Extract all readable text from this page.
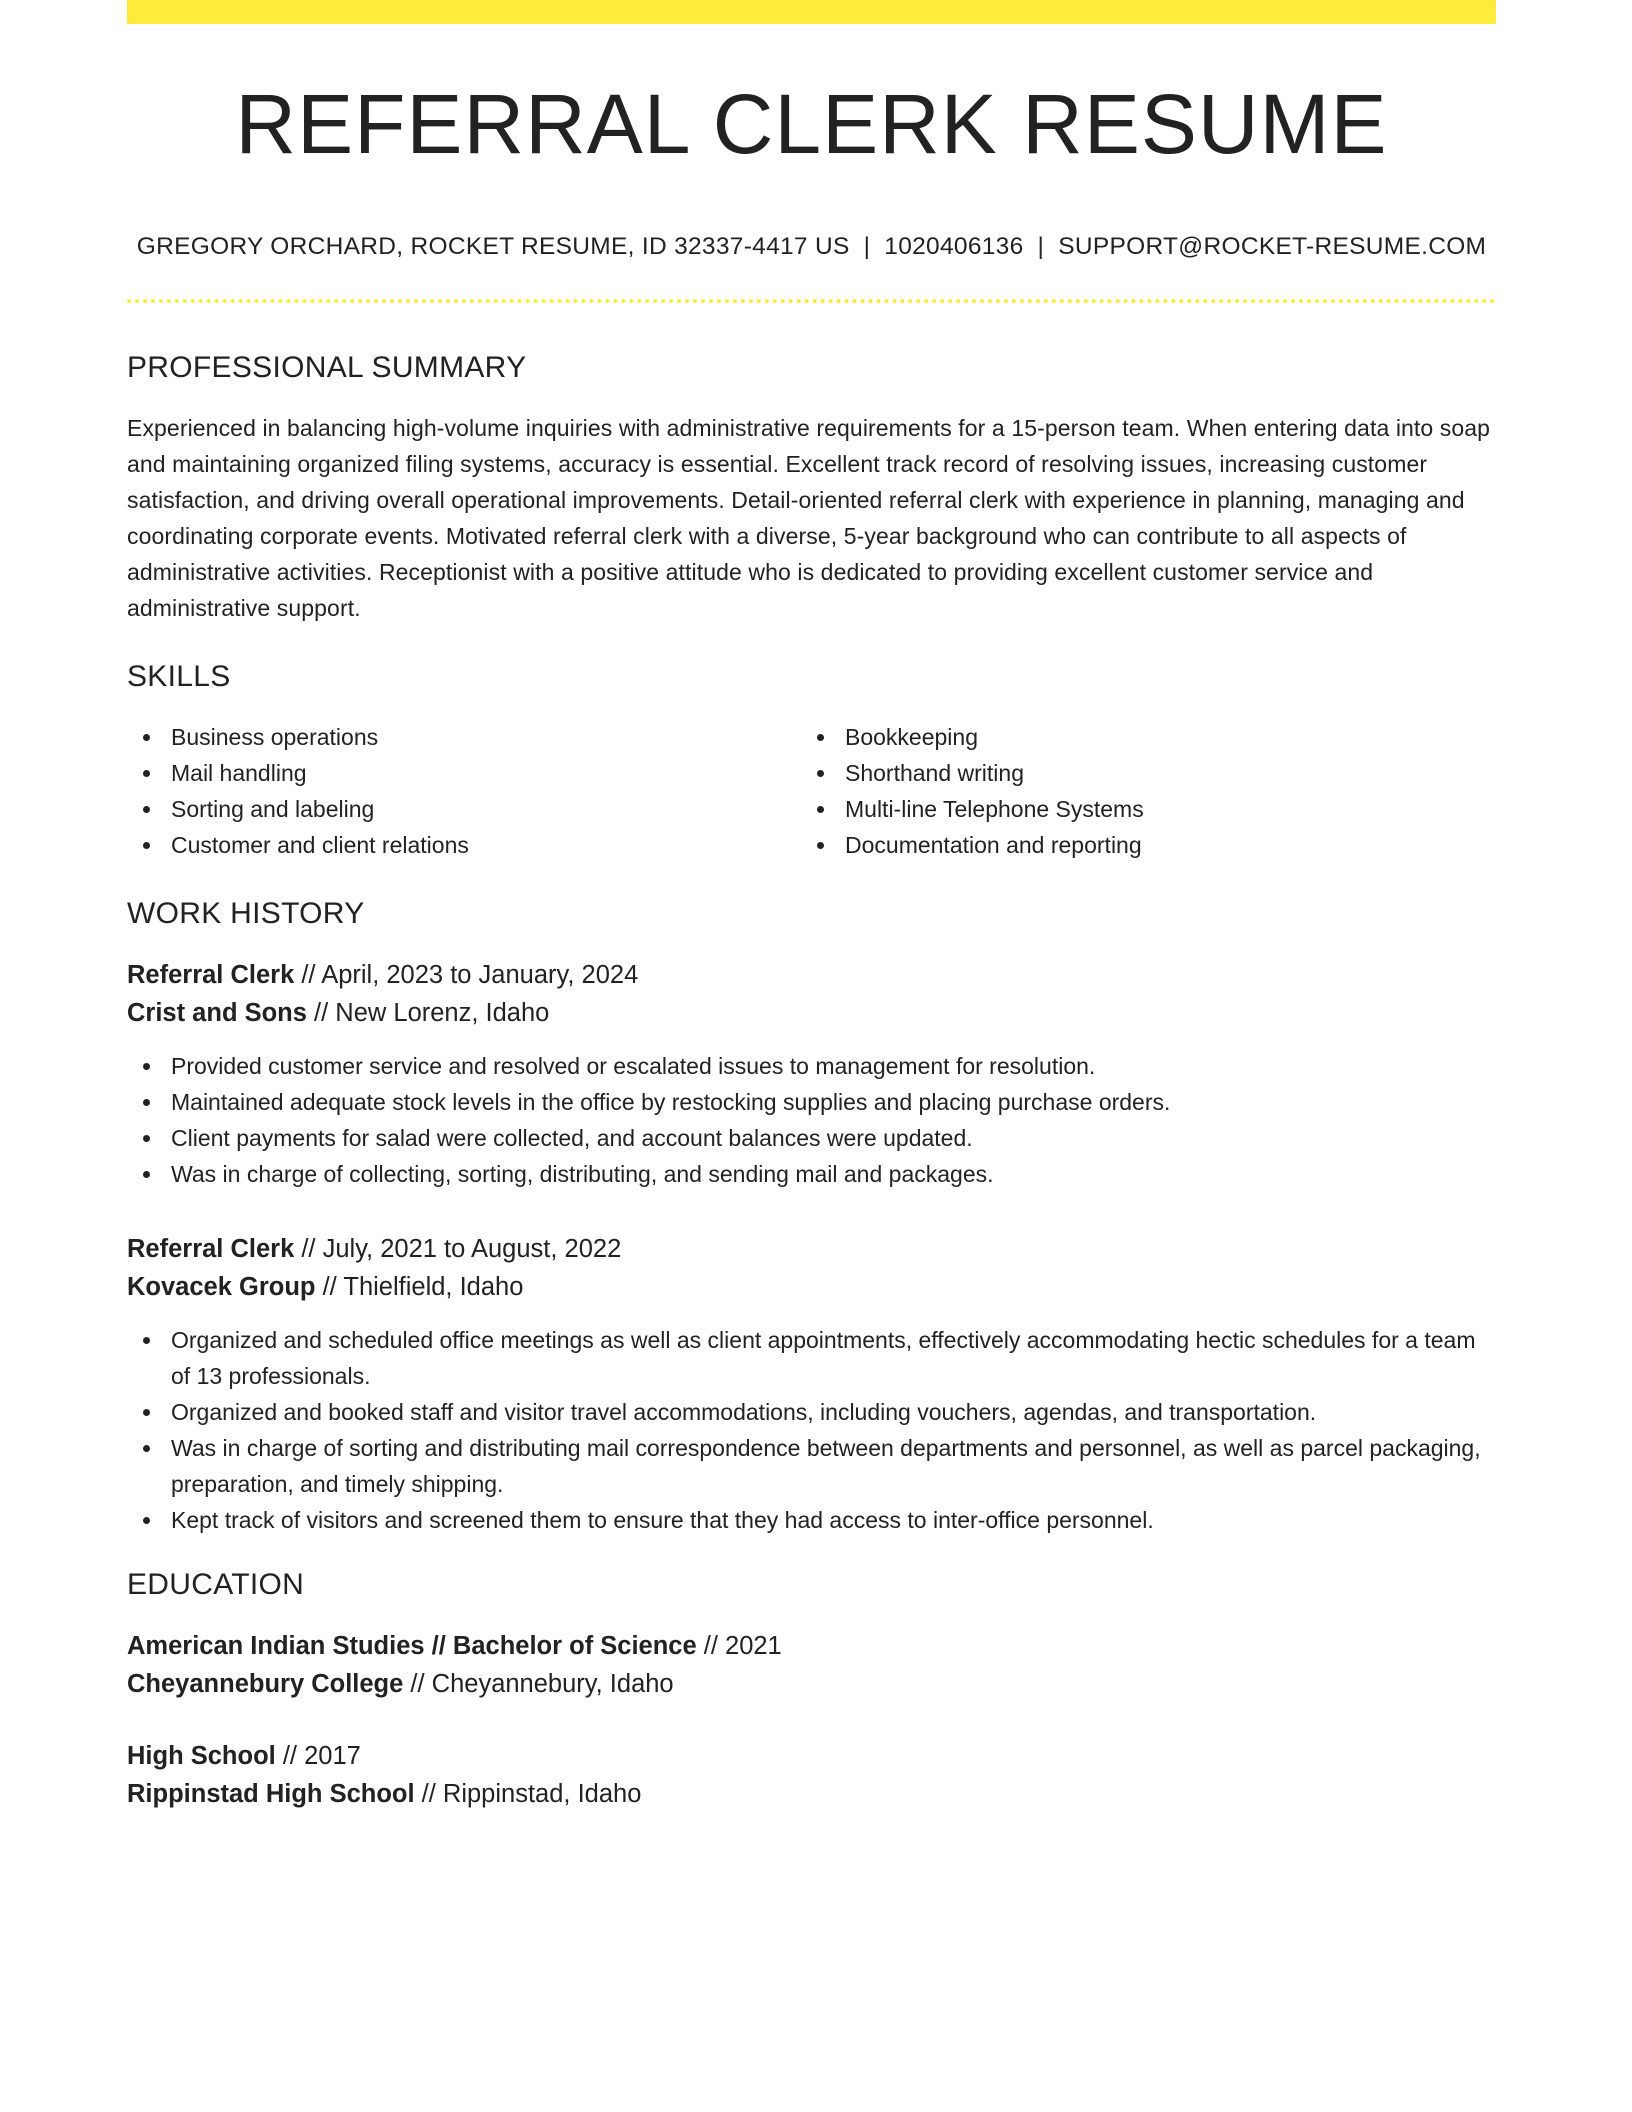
REFERRAL CLERK RESUME
GREGORY ORCHARD, ROCKET RESUME, ID 32337-4417 US | 1020406136 | SUPPORT@ROCKET-RESUME.COM
PROFESSIONAL SUMMARY

Experienced in balancing high-volume inquiries with administrative requirements for a 15-person team. When entering data into soap and maintaining organized filing systems, accuracy is essential. Excellent track record of resolving issues, increasing customer satisfaction, and driving overall operational improvements. Detail-oriented referral clerk with experience in planning, managing and coordinating corporate events. Motivated referral clerk with a diverse, 5-year background who can contribute to all aspects of administrative activities. Receptionist with a positive attitude who is dedicated to providing excellent customer service and administrative support.

SKILLS
Business operations
Mail handling
Sorting and labeling
Customer and client relations
Bookkeeping
Shorthand writing
Multi-line Telephone Systems
Documentation and reporting
WORK HISTORY
Referral Clerk // April, 2023 to January, 2024
Crist and Sons // New Lorenz, Idaho
Provided customer service and resolved or escalated issues to management for resolution.
Maintained adequate stock levels in the office by restocking supplies and placing purchase orders.
Client payments for salad were collected, and account balances were updated.
Was in charge of collecting, sorting, distributing, and sending mail and packages.
Referral Clerk // July, 2021 to August, 2022
Kovacek Group // Thielfield, Idaho
Organized and scheduled office meetings as well as client appointments, effectively accommodating hectic schedules for a team of 13 professionals.
Organized and booked staff and visitor travel accommodations, including vouchers, agendas, and transportation.
Was in charge of sorting and distributing mail correspondence between departments and personnel, as well as parcel packaging, preparation, and timely shipping.
Kept track of visitors and screened them to ensure that they had access to inter-office personnel.
EDUCATION
American Indian Studies // Bachelor of Science // 2021
Cheyannebury College // Cheyannebury, Idaho
High School // 2017
Rippinstad High School // Rippinstad, Idaho
